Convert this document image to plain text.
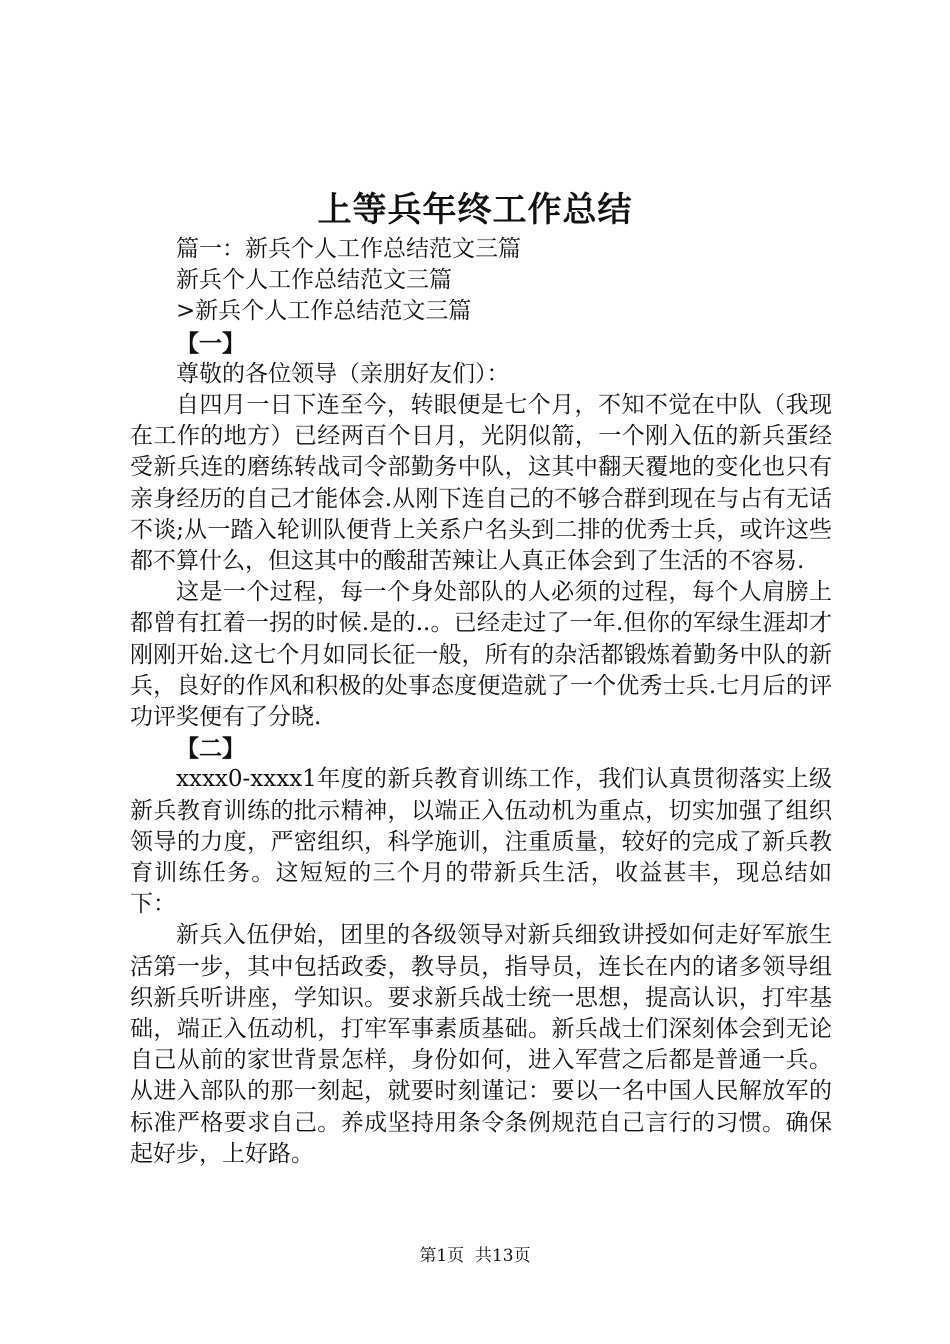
上等兵年终工作总结
篇一：新兵个人工作总结范文三篇
新兵个人工作总结范文三篇
>新兵个人工作总结范文三篇
【一】
尊敬的各位领导（亲朋好友们）：
自四月一日下连至今，转眼便是七个月，不知不觉在中队（我现在工作的地方）已经两百个日月，光阴似箭，一个刚入伍的新兵蛋经受新兵连的磨练转战司令部勤务中队，这其中翻天覆地的变化也只有亲身经历的自己才能体会.从刚下连自己的不够合群到现在与占有无话不谈;从一踏入轮训队便背上关系户名头到二排的优秀士兵，或许这些都不算什么，但这其中的酸甜苦辣让人真正体会到了生活的不容易.
这是一个过程，每一个身处部队的人必须的过程，每个人肩膀上都曾有扛着一拐的时候.是的..。已经走过了一年.但你的军绿生涯却才刚刚开始.这七个月如同长征一般，所有的杂活都锻炼着勤务中队的新兵，良好的作风和积极的处事态度便造就了一个优秀士兵.七月后的评功评奖便有了分晓.
【二】
xxxx0-xxxx1年度的新兵教育训练工作，我们认真贯彻落实上级新兵教育训练的批示精神，以端正入伍动机为重点，切实加强了组织领导的力度，严密组织，科学施训，注重质量，较好的完成了新兵教育训练任务。这短短的三个月的带新兵生活，收益甚丰，现总结如下：
新兵入伍伊始，团里的各级领导对新兵细致讲授如何走好军旅生活第一步，其中包括政委，教导员，指导员，连长在内的诸多领导组织新兵听讲座，学知识。要求新兵战士统一思想，提高认识，打牢基础，端正入伍动机，打牢军事素质基础。新兵战士们深刻体会到无论自己从前的家世背景怎样，身份如何，进入军营之后都是普通一兵。从进入部队的那一刻起，就要时刻谨记：要以一名中国人民解放军的标准严格要求自己。养成坚持用条令条例规范自己言行的习惯。确保起好步，上好路。
第1页  共13页
